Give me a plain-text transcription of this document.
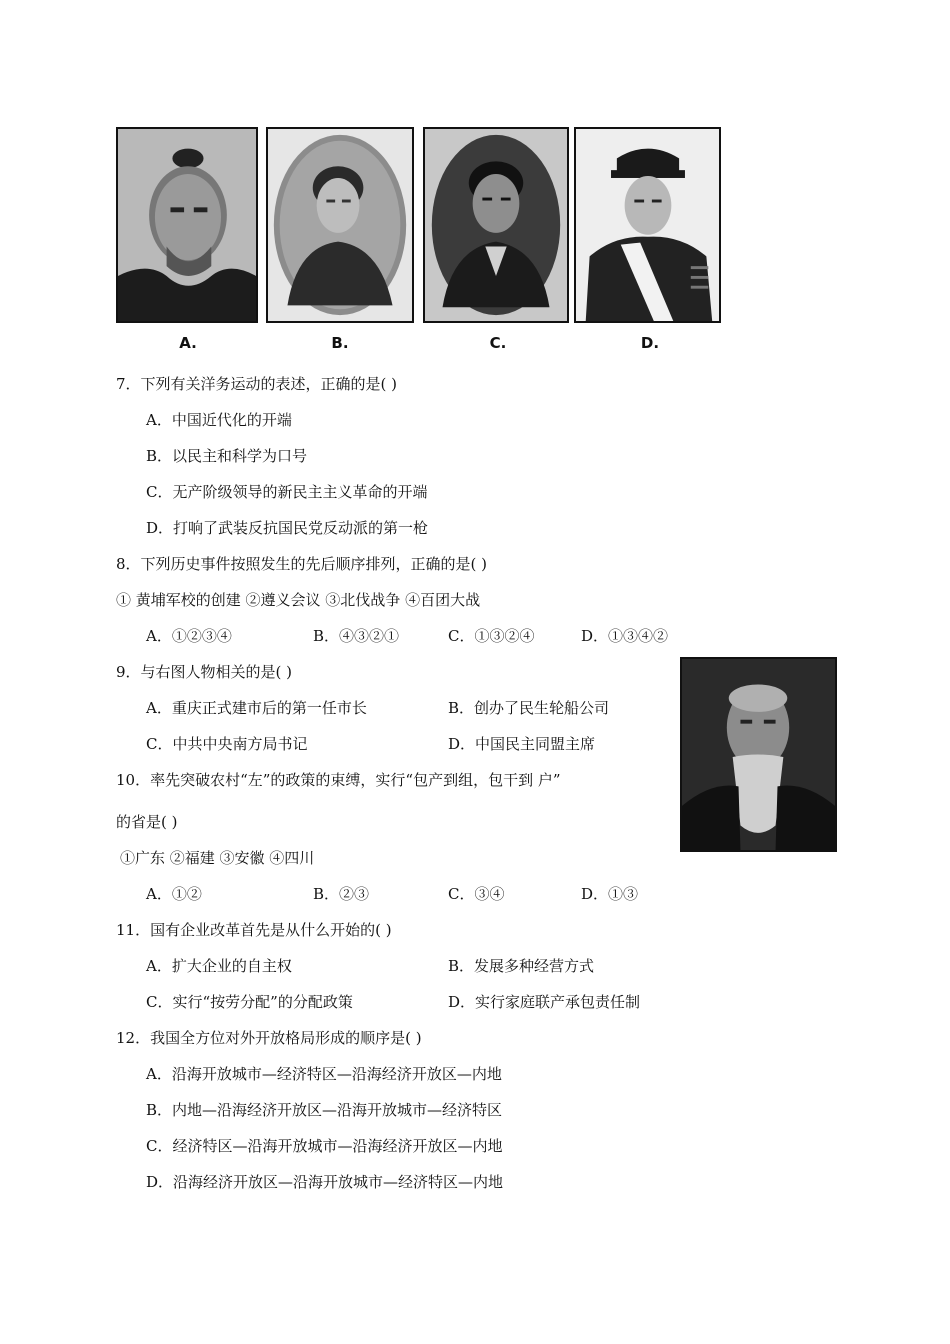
A.	B.	C.	D.
7．下列有关洋务运动的表述，正确的是( )
A．中国近代化的开端
B．以民主和科学为口号
C．无产阶级领导的新民主主义革命的开端
D．打响了武装反抗国民党反动派的第一枪
8．下列历史事件按照发生的先后顺序排列，正确的是( )
① 黄埔军校的创建 ②遵义会议 ③北伐战争 ④百团大战
A．①②③④	B．④③②①	C．①③②④	D．①③④②
9．与右图人物相关的是( )
A．重庆正式建市后的第一任市长	B．创办了民生轮船公司
C．中共中央南方局书记	D．中国民主同盟主席
10．率先突破农村“左”的政策的束缚，实行“包产到组，包干到 户”
的省是( )
①广东 ②福建 ③安徽 ④四川
A．①②	B．②③	C．③④	D．①③
11．国有企业改革首先是从什么开始的( )
A．扩大企业的自主权	B．发展多种经营方式
C．实行“按劳分配”的分配政策	D．实行家庭联产承包责任制
12．我国全方位对外开放格局形成的顺序是( )
A．沿海开放城市—经济特区—沿海经济开放区—内地
B．内地—沿海经济开放区—沿海开放城市—经济特区
C．经济特区—沿海开放城市—沿海经济开放区—内地
D．沿海经济开放区—沿海开放城市—经济特区—内地
